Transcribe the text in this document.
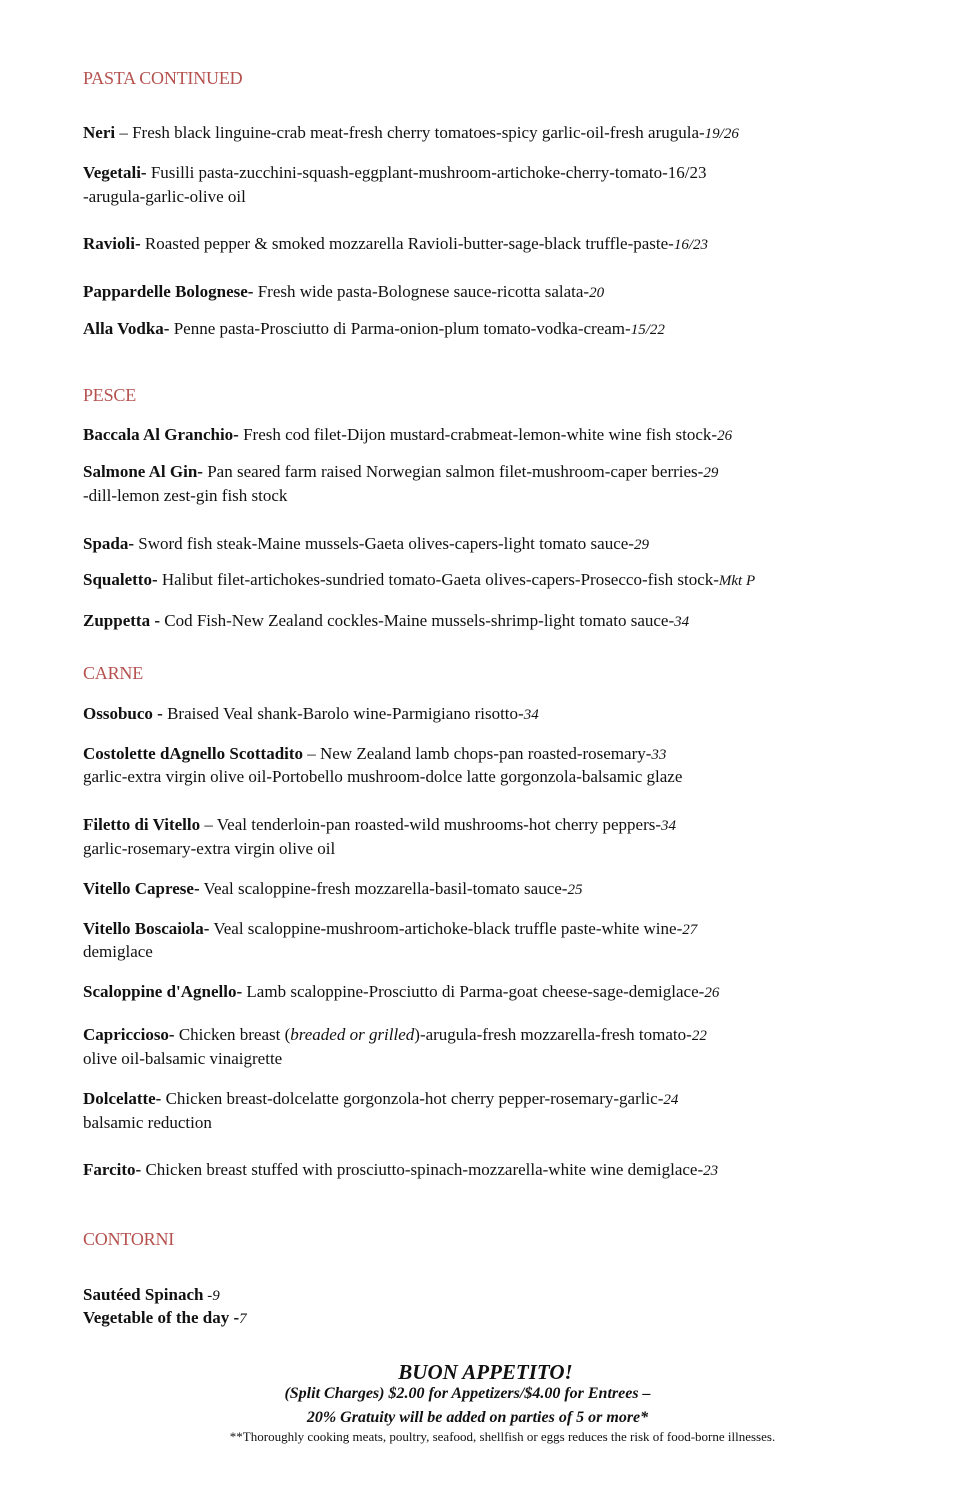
PASTA CONTINUED
Neri – Fresh black linguine-crab meat-fresh cherry tomatoes-spicy garlic-oil-fresh arugula-19/26
Vegetali- Fusilli pasta-zucchini-squash-eggplant-mushroom-artichoke-cherry-tomato-16/23
-arugula-garlic-olive oil
Ravioli- Roasted pepper & smoked mozzarella Ravioli-butter-sage-black truffle-paste-16/23
Pappardelle Bolognese- Fresh wide pasta-Bolognese sauce-ricotta salata-20
Alla Vodka- Penne pasta-Prosciutto di Parma-onion-plum tomato-vodka-cream-15/22
PESCE
Baccala Al Granchio- Fresh cod filet-Dijon mustard-crabmeat-lemon-white wine fish stock-26
Salmone Al Gin- Pan seared farm raised Norwegian salmon filet-mushroom-caper berries-29
-dill-lemon zest-gin fish stock
Spada- Sword fish steak-Maine mussels-Gaeta olives-capers-light tomato sauce-29
Squaletto- Halibut filet-artichokes-sundried tomato-Gaeta olives-capers-Prosecco-fish stock-Mkt P
Zuppetta - Cod Fish-New Zealand cockles-Maine mussels-shrimp-light tomato sauce-34
CARNE
Ossobuco - Braised Veal shank-Barolo wine-Parmigiano risotto-34
Costolette dAgnello Scottadito – New Zealand lamb chops-pan roasted-rosemary-33
garlic-extra virgin olive oil-Portobello mushroom-dolce latte gorgonzola-balsamic glaze
Filetto di Vitello – Veal tenderloin-pan roasted-wild mushrooms-hot cherry peppers-34
garlic-rosemary-extra virgin olive oil
Vitello Caprese- Veal scaloppine-fresh mozzarella-basil-tomato sauce-25
Vitello Boscaiola- Veal scaloppine-mushroom-artichoke-black truffle paste-white wine-27
demiglace
Scaloppine d'Agnello- Lamb scaloppine-Prosciutto di Parma-goat cheese-sage-demiglace-26
Capriccioso- Chicken breast (breaded or grilled)-arugula-fresh mozzarella-fresh tomato-22
olive oil-balsamic vinaigrette
Dolcelatte- Chicken breast-dolcelatte gorgonzola-hot cherry pepper-rosemary-garlic-24
balsamic reduction
Farcito- Chicken breast stuffed with prosciutto-spinach-mozzarella-white wine demiglace-23
CONTORNI
Sautéed Spinach -9
Vegetable of the day -7
BUON APPETITO!
(Split Charges) $2.00 for Appetizers/$4.00 for Entrees –
20% Gratuity will be added on parties of 5 or more*
**Thoroughly cooking meats, poultry, seafood, shellfish or eggs reduces the risk of food-borne illnesses.
